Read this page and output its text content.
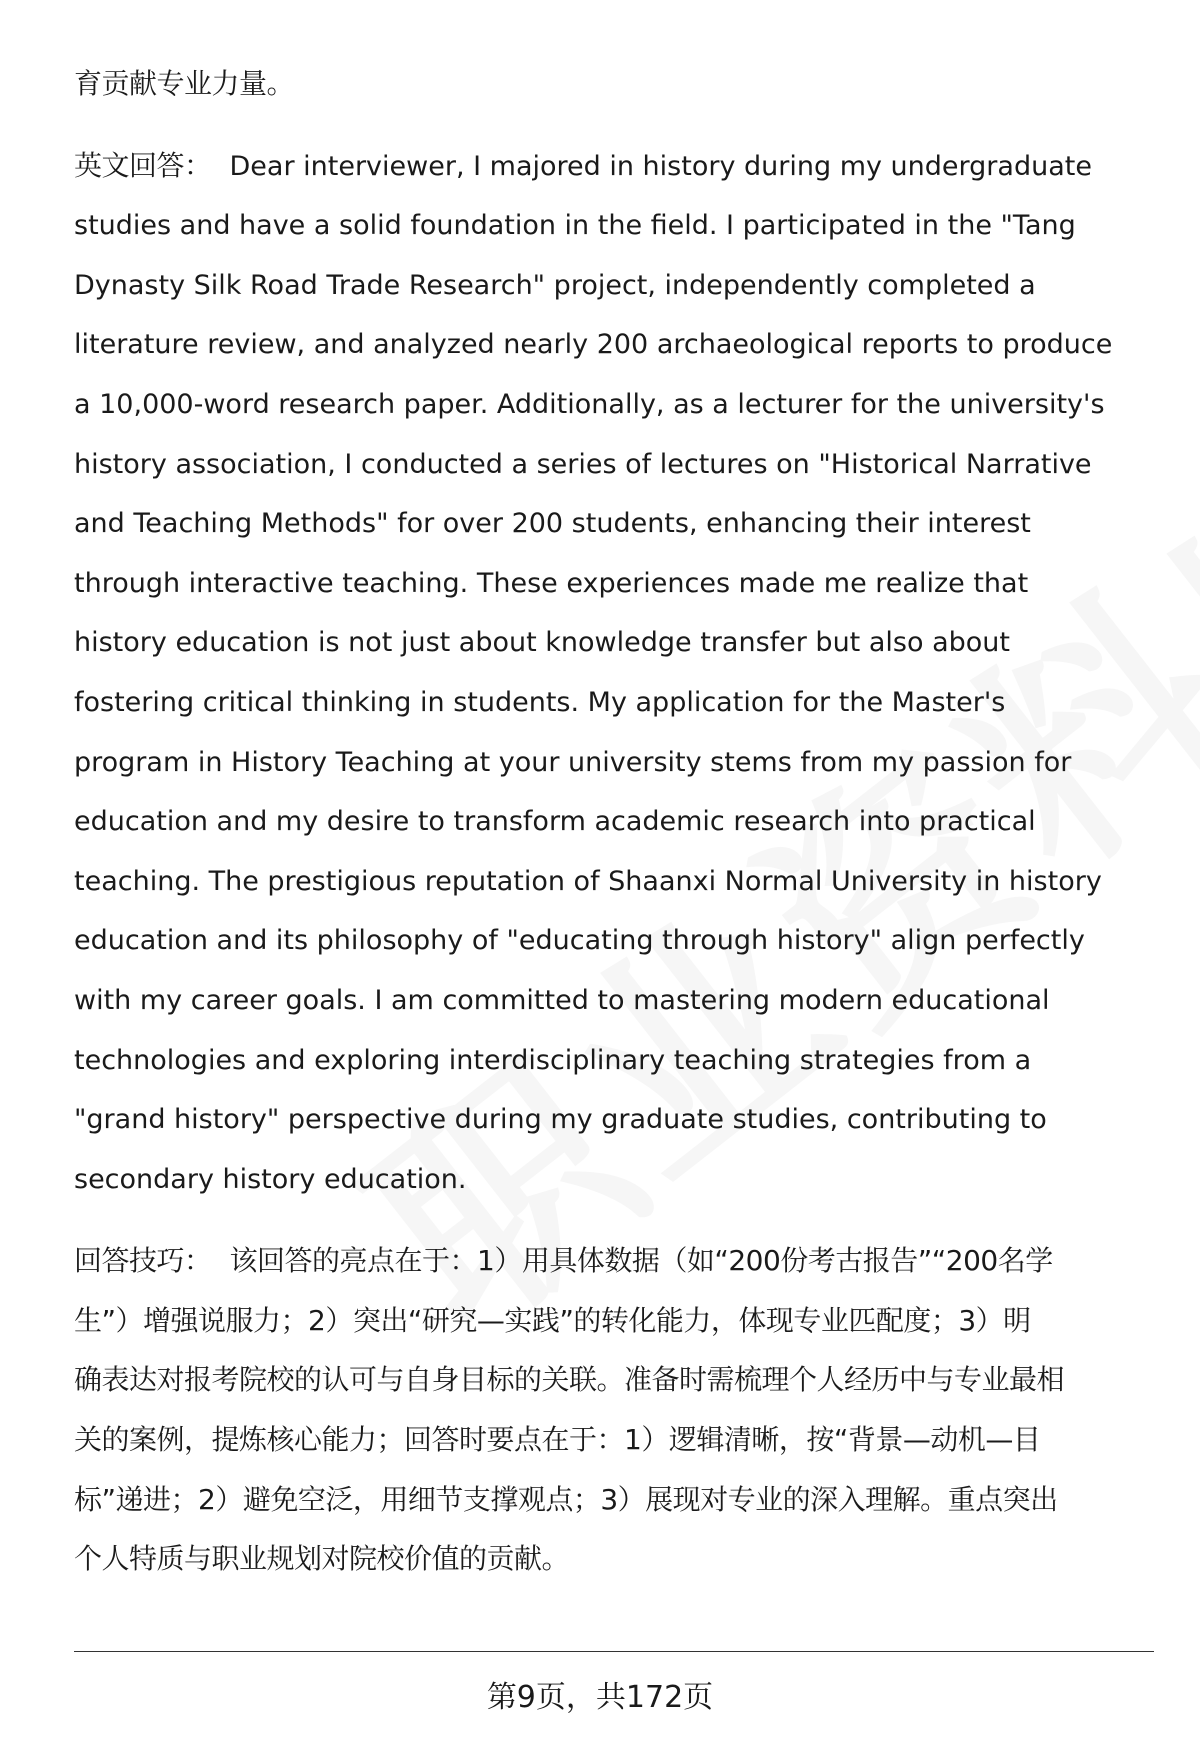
育贡献专业力量。

英文回答： Dear interviewer, I majored in history during my undergraduate
studies and have a solid foundation in the field. I participated in the "Tang
Dynasty Silk Road Trade Research" project, independently completed a
literature review, and analyzed nearly 200 archaeological reports to produce
a 10,000-word research paper. Additionally, as a lecturer for the university's
history association, I conducted a series of lectures on "Historical Narrative
and Teaching Methods" for over 200 students, enhancing their interest
through interactive teaching. These experiences made me realize that
history education is not just about knowledge transfer but also about
fostering critical thinking in students. My application for the Master's
program in History Teaching at your university stems from my passion for
education and my desire to transform academic research into practical
teaching. The prestigious reputation of Shaanxi Normal University in history
education and its philosophy of "educating through history" align perfectly
with my career goals. I am committed to mastering modern educational
technologies and exploring interdisciplinary teaching strategies from a
"grand history" perspective during my graduate studies, contributing to
secondary history education.
回答技巧： 该回答的亮点在于：1）用具体数据（如“200份考古报告”“200名学
生”）增强说服力；2）突出“研究—实践”的转化能力，体现专业匹配度；3）明
确表达对报考院校的认可与自身目标的关联。准备时需梳理个人经历中与专业最相
关的案例，提炼核心能力；回答时要点在于：1）逻辑清晰，按“背景—动机—目
标”递进；2）避免空泛，用细节支撑观点；3）展现对专业的深入理解。重点突出
个人特质与职业规划对院校价值的贡献。
第9页，共172页
